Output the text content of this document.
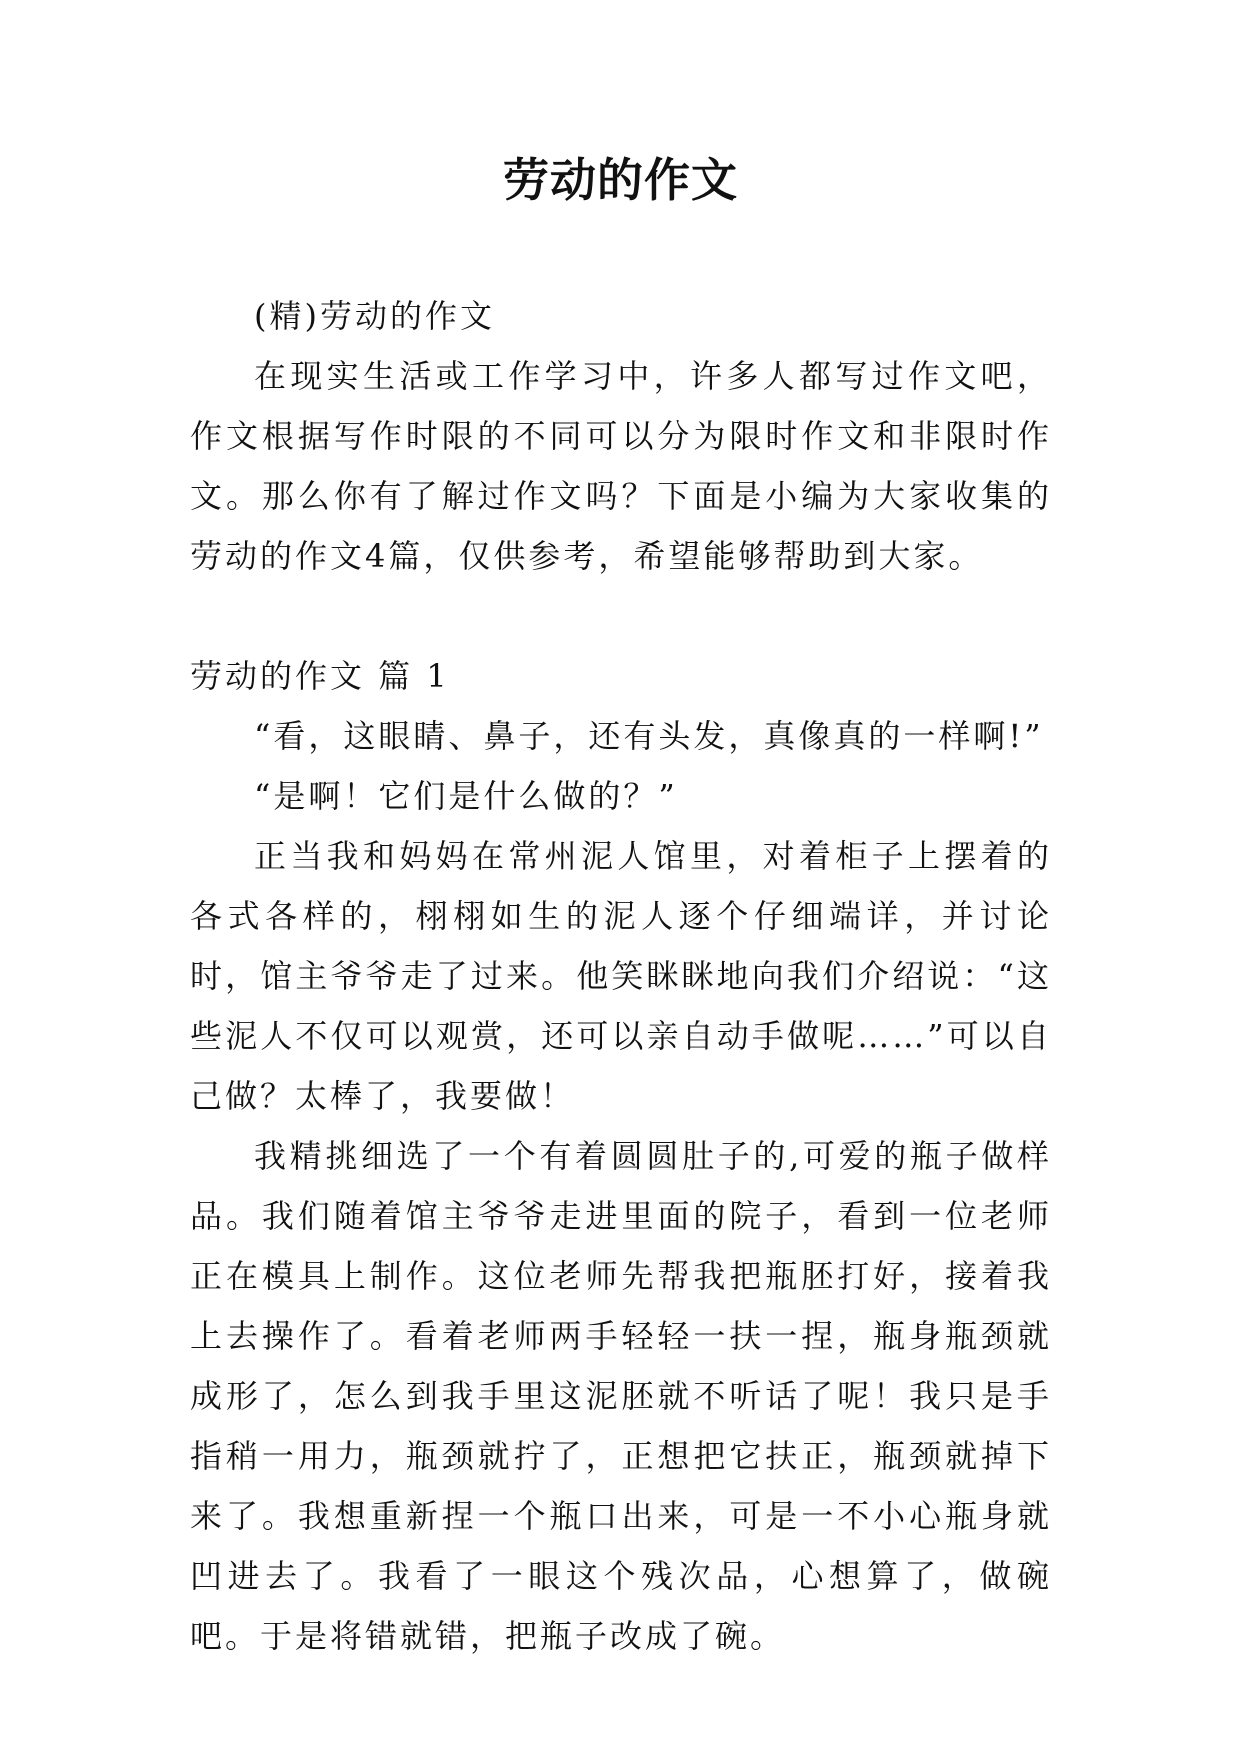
劳动的作文

(精)劳动的作文

在现实生活或工作学习中，许多人都写过作文吧，作文根据写作时限的不同可以分为限时作文和非限时作文。那么你有了解过作文吗？下面是小编为大家收集的劳动的作文4篇，仅供参考，希望能够帮助到大家。

劳动的作文 篇 1

“看，这眼睛、鼻子，还有头发，真像真的一样啊!”

“是啊！它们是什么做的？”

正当我和妈妈在常州泥人馆里，对着柜子上摆着的各式各样的，栩栩如生的泥人逐个仔细端详，并讨论时，馆主爷爷走了过来。他笑眯眯地向我们介绍说：“这些泥人不仅可以观赏，还可以亲自动手做呢……”可以自己做？太棒了，我要做！

我精挑细选了一个有着圆圆肚子的,可爱的瓶子做样品。我们随着馆主爷爷走进里面的院子，看到一位老师正在模具上制作。这位老师先帮我把瓶胚打好，接着我上去操作了。看着老师两手轻轻一扶一捏，瓶身瓶颈就成形了，怎么到我手里这泥胚就不听话了呢！我只是手指稍一用力，瓶颈就拧了，正想把它扶正，瓶颈就掉下来了。我想重新捏一个瓶口出来，可是一不小心瓶身就凹进去了。我看了一眼这个残次品，心想算了，做碗吧。于是将错就错，把瓶子改成了碗。
